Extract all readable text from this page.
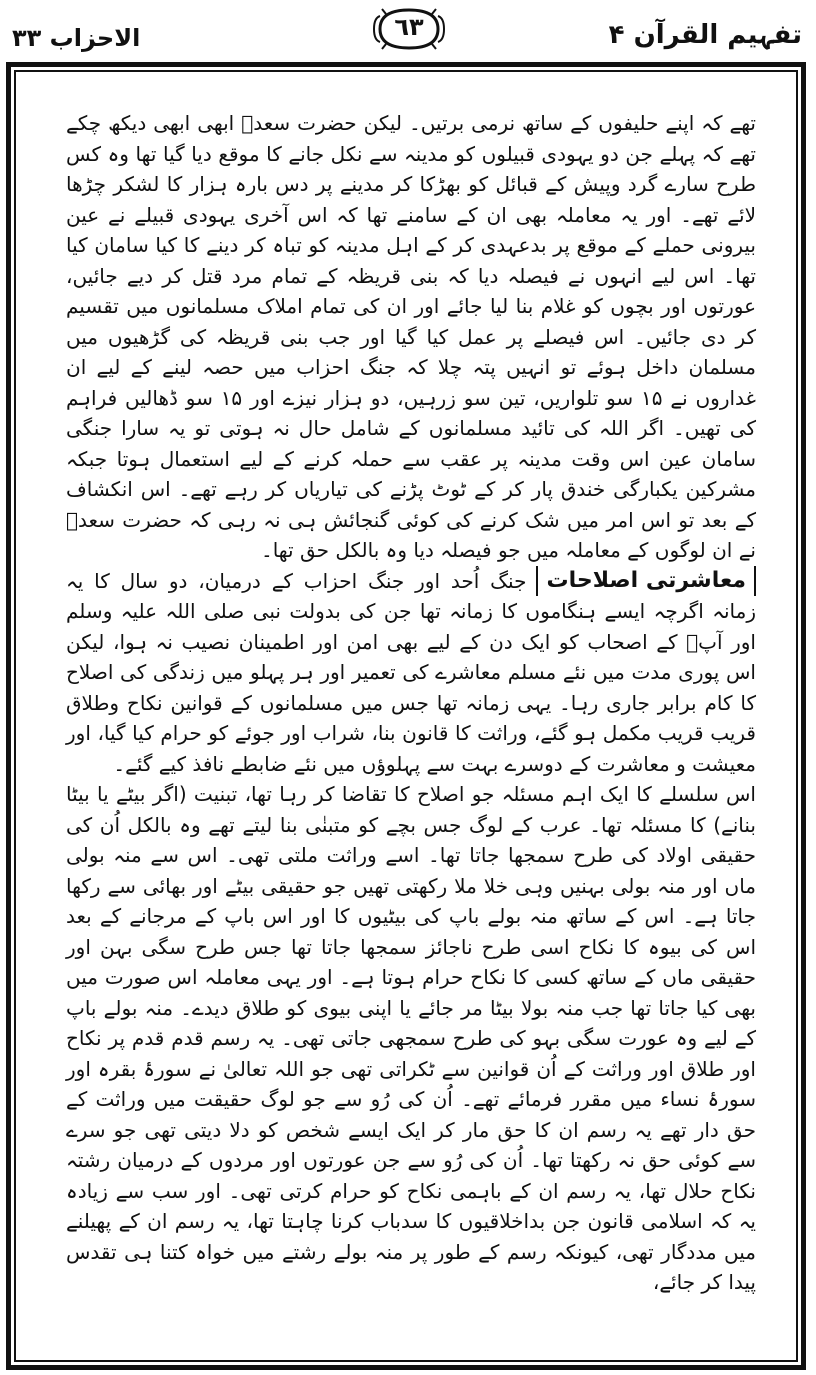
الاحزاب ٣٣	٦٣	تفہیم القرآن ۴

تھے کہ اپنے حلیفوں کے ساتھ نرمی برتیں۔ لیکن حضرت سعدؓ ابھی ابھی دیکھ چکے تھے کہ پہلے جن دو یہودی قبیلوں کو مدینہ سے نکل جانے کا موقع دیا گیا تھا وہ کس طرح سارے گرد وپیش کے قبائل کو بھڑکا کر مدینے پر دس بارہ ہزار کا لشکر چڑھا لائے تھے۔ اور یہ معاملہ بھی ان کے سامنے تھا کہ اس آخری یہودی قبیلے نے عین بیرونی حملے کے موقع پر بدعہدی کر کے اہل مدینہ کو تباہ کر دینے کا کیا سامان کیا تھا۔ اس لیے انہوں نے فیصلہ دیا کہ بنی قریظہ کے تمام مرد قتل کر دیے جائیں، عورتوں اور بچوں کو غلام بنا لیا جائے اور ان کی تمام املاک مسلمانوں میں تقسیم کر دی جائیں۔ اس فیصلے پر عمل کیا گیا اور جب بنی قریظہ کی گڑھیوں میں مسلمان داخل ہوئے تو انہیں پتہ چلا کہ جنگ احزاب میں حصہ لینے کے لیے ان غداروں نے ۱۵ سو تلواریں، تین سو زرہیں، دو ہزار نیزے اور ۱۵ سو ڈھالیں فراہم کی تھیں۔ اگر اللہ کی تائید مسلمانوں کے شامل حال نہ ہوتی تو یہ سارا جنگی سامان عین اس وقت مدینہ پر عقب سے حملہ کرنے کے لیے استعمال ہوتا جبکہ مشرکین یکبارگی خندق پار کر کے ٹوٹ پڑنے کی تیاریاں کر رہے تھے۔ اس انکشاف کے بعد تو اس امر میں شک کرنے کی کوئی گنجائش ہی نہ رہی کہ حضرت سعدؓ نے ان لوگوں کے معاملہ میں جو فیصلہ دیا وہ بالکل حق تھا۔

معاشرتی اصلاحات
جنگ اُحد اور جنگ احزاب کے درمیان، دو سال کا یہ زمانہ اگرچہ ایسے ہنگاموں کا زمانہ تھا جن کی بدولت نبی صلی اللہ علیہ وسلم اور آپؐ کے اصحاب کو ایک دن کے لیے بھی امن اور اطمینان نصیب نہ ہوا، لیکن اس پوری مدت میں نئے مسلم معاشرے کی تعمیر اور ہر پہلو میں زندگی کی اصلاح کا کام برابر جاری رہا۔ یہی زمانہ تھا جس میں مسلمانوں کے قوانین نکاح وطلاق قریب قریب مکمل ہو گئے، وراثت کا قانون بنا، شراب اور جوئے کو حرام کیا گیا، اور معیشت و معاشرت کے دوسرے بہت سے پہلوؤں میں نئے ضابطے نافذ کیے گئے۔

اس سلسلے کا ایک اہم مسئلہ جو اصلاح کا تقاضا کر رہا تھا، تبنیت (اگر بیٹے یا بیٹا بنانے) کا مسئلہ تھا۔ عرب کے لوگ جس بچے کو متبنٰی بنا لیتے تھے وہ بالکل اُن کی حقیقی اولاد کی طرح سمجھا جاتا تھا۔ اسے وراثت ملتی تھی۔ اس سے منہ بولی ماں اور منہ بولی بہنیں وہی خلا ملا رکھتی تھیں جو حقیقی بیٹے اور بھائی سے رکھا جاتا ہے۔ اس کے ساتھ منہ بولے باپ کی بیٹیوں کا اور اس باپ کے مرجانے کے بعد اس کی بیوہ کا نکاح اسی طرح ناجائز سمجھا جاتا تھا جس طرح سگی بہن اور حقیقی ماں کے ساتھ کسی کا نکاح حرام ہوتا ہے۔ اور یہی معاملہ اس صورت میں بھی کیا جاتا تھا جب منہ بولا بیٹا مر جائے یا اپنی بیوی کو طلاق دیدے۔ منہ بولے باپ کے لیے وہ عورت سگی بہو کی طرح سمجھی جاتی تھی۔ یہ رسم قدم قدم پر نکاح اور طلاق اور وراثت کے اُن قوانین سے ٹکراتی تھی جو اللہ تعالیٰ نے سورۂ بقرہ اور سورۂ نساء میں مقرر فرمائے تھے۔ اُن کی رُو سے جو لوگ حقیقت میں وراثت کے حق دار تھے یہ رسم ان کا حق مار کر ایک ایسے شخص کو دلا دیتی تھی جو سرے سے کوئی حق نہ رکھتا تھا۔ اُن کی رُو سے جن عورتوں اور مردوں کے درمیان رشتہ نکاح حلال تھا، یہ رسم ان کے باہمی نکاح کو حرام کرتی تھی۔ اور سب سے زیادہ یہ کہ اسلامی قانون جن بداخلاقیوں کا سدباب کرنا چاہتا تھا، یہ رسم ان کے پھیلنے میں مددگار تھی، کیونکہ رسم کے طور پر منہ بولے رشتے میں خواہ کتنا ہی تقدس پیدا کر جائے،
